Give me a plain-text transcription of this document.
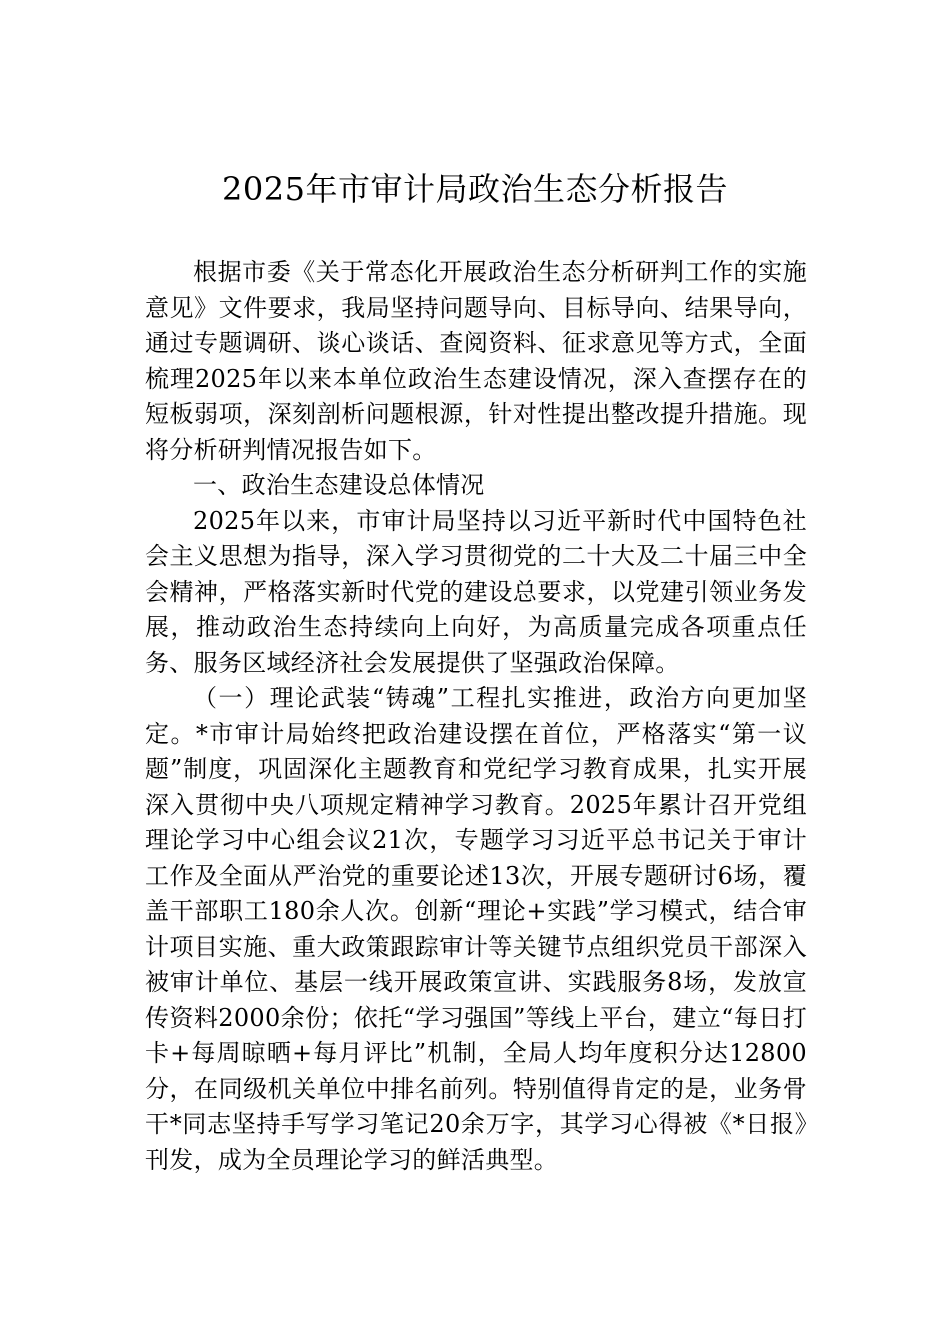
2025年市审计局政治生态分析报告

根据市委《关于常态化开展政治生态分析研判工作的实施意见》文件要求，我局坚持问题导向、目标导向、结果导向，通过专题调研、谈心谈话、查阅资料、征求意见等方式，全面梳理2025年以来本单位政治生态建设情况，深入查摆存在的短板弱项，深刻剖析问题根源，针对性提出整改提升措施。现将分析研判情况报告如下。

一、政治生态建设总体情况

2025年以来，市审计局坚持以习近平新时代中国特色社会主义思想为指导，深入学习贯彻党的二十大及二十届三中全会精神，严格落实新时代党的建设总要求，以党建引领业务发展，推动政治生态持续向上向好，为高质量完成各项重点任务、服务区域经济社会发展提供了坚强政治保障。

（一）理论武装“铸魂”工程扎实推进，政治方向更加坚定。*市审计局始终把政治建设摆在首位，严格落实“第一议题”制度，巩固深化主题教育和党纪学习教育成果，扎实开展深入贯彻中央八项规定精神学习教育。2025年累计召开党组理论学习中心组会议21次，专题学习习近平总书记关于审计工作及全面从严治党的重要论述13次，开展专题研讨6场，覆盖干部职工180余人次。创新“理论+实践”学习模式，结合审计项目实施、重大政策跟踪审计等关键节点组织党员干部深入被审计单位、基层一线开展政策宣讲、实践服务8场，发放宣传资料2000余份；依托“学习强国”等线上平台，建立“每日打卡+每周晾晒+每月评比”机制，全局人均年度积分达12800分，在同级机关单位中排名前列。特别值得肯定的是，业务骨干*同志坚持手写学习笔记20余万字，其学习心得被《*日报》刊发，成为全员理论学习的鲜活典型。
